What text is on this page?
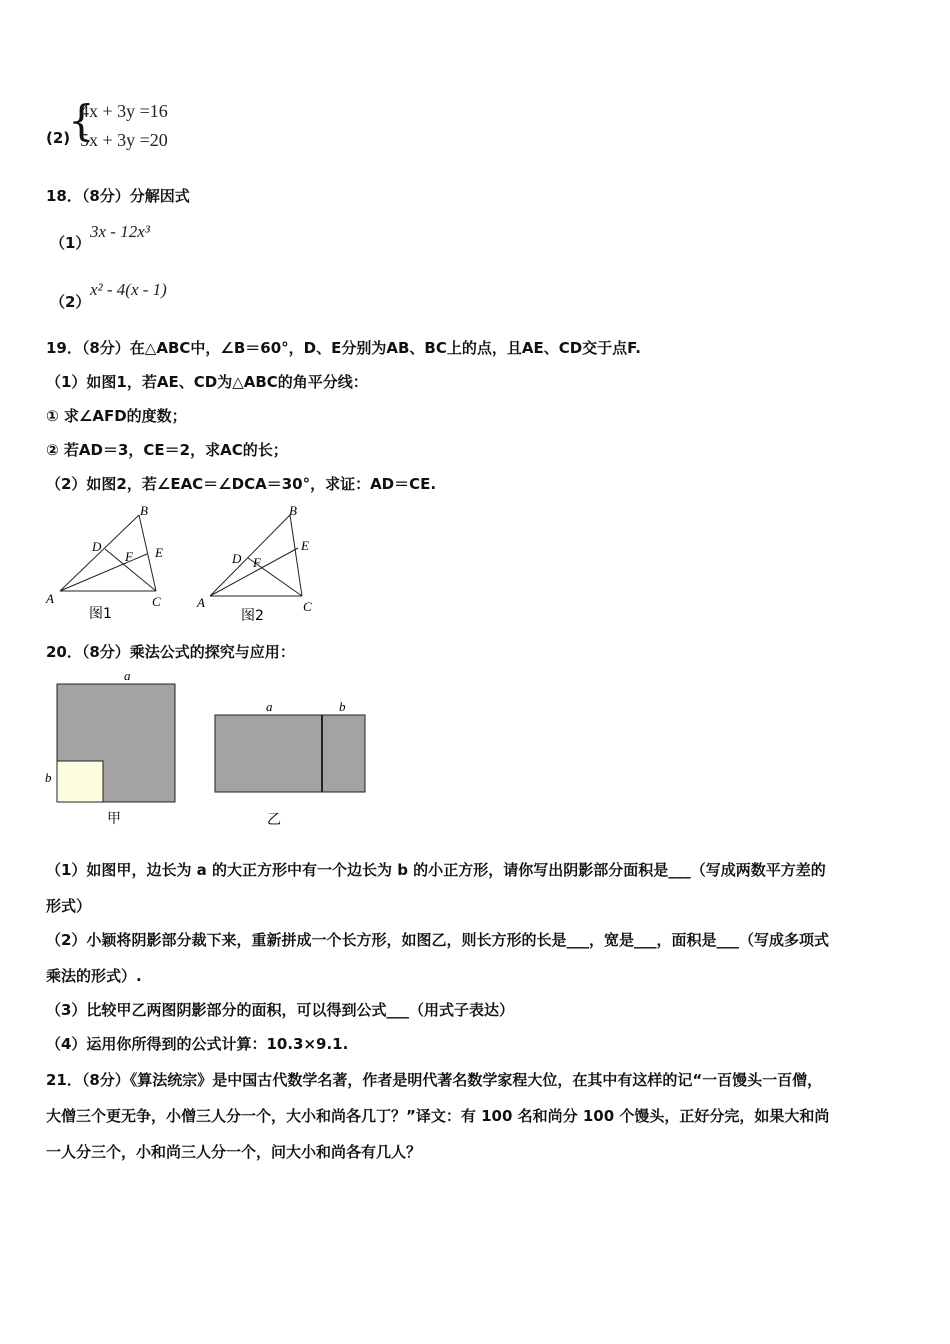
(2)
{
4x + 3y =16
5x + 3y =20
18．（8分）分解因式
（1）
3x - 12x³
（2）
x² - 4(x - 1)
19．（8分）在△ABC中，∠B＝60°，D、E分别为AB、BC上的点，且AE、CD交于点F.
（1）如图1，若AE、CD为△ABC的角平分线：
① 求∠AFD的度数；
② 若AD＝3，CE＝2，求AC的长；
（2）如图2，若∠EAC＝∠DCA＝30°，求证：AD＝CE.
A
B
C
D	E
F
图1
A
B
C
D
E
F
图2
20．（8分）乘法公式的探究与应用：
a
b
甲
a	b
乙
（1）如图甲，边长为 a 的大正方形中有一个边长为 b 的小正方形，请你写出阴影部分面积是___（写成两数平方差的
形式）
（2）小颖将阴影部分裁下来，重新拼成一个长方形，如图乙，则长方形的长是___，宽是___，面积是___（写成多项式
乘法的形式）.
（3）比较甲乙两图阴影部分的面积，可以得到公式___（用式子表达）
（4）运用你所得到的公式计算：10.3×9.1.
21．（8分）《算法统宗》是中国古代数学名著，作者是明代著名数学家程大位，在其中有这样的记“一百馒头一百僧，
大僧三个更无争，小僧三人分一个，大小和尚各几丁？”译文：有 100 名和尚分 100 个馒头，正好分完，如果大和尚
一人分三个，小和尚三人分一个，问大小和尚各有几人？
